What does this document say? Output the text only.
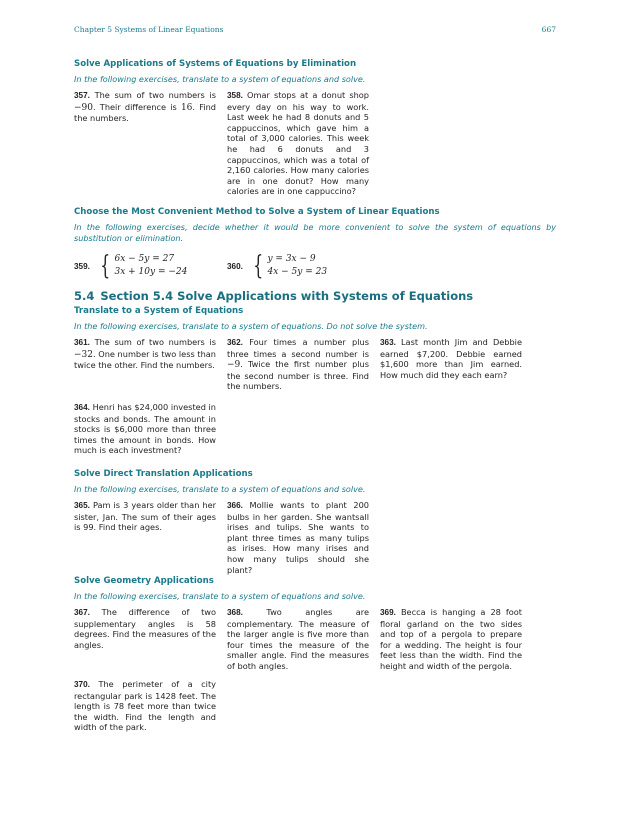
Chapter 5 Systems of Linear Equations	667

Solve Applications of Systems of Equations by Elimination

In the following exercises, translate to a system of equations and solve.

357. The sum of two numbers is −90. Their difference is 16. Find the numbers.
358. Omar stops at a donut shop every day on his way to work. Last week he had 8 donuts and 5 cappuccinos, which gave him a total of 3,000 calories. This week he had 6 donuts and 3 cappuccinos, which was a total of 2,160 calories. How many calories are in one donut? How many calories are in one cappuccino?

Choose the Most Convenient Method to Solve a System of Linear Equations

In the following exercises, decide whether it would be more convenient to solve the system of equations by substitution or elimination.

359. { 6x − 5y = 27
3x + 10y = −24
360. { y = 3x − 9
4x − 5y = 23

5.4 Section 5.4 Solve Applications with Systems of Equations

Translate to a System of Equations

In the following exercises, translate to a system of equations. Do not solve the system.

361. The sum of two numbers is −32. One number is two less than twice the other. Find the numbers.
362. Four times a number plus three times a second number is −9. Twice the first number plus the second number is three. Find the numbers.
363. Last month Jim and Debbie earned $7,200. Debbie earned $1,600 more than Jim earned. How much did they each earn?
364. Henri has $24,000 invested in stocks and bonds. The amount in stocks is $6,000 more than three times the amount in bonds. How much is each investment?

Solve Direct Translation Applications

In the following exercises, translate to a system of equations and solve.

365. Pam is 3 years older than her sister, Jan. The sum of their ages is 99. Find their ages.
366. Mollie wants to plant 200 bulbs in her garden. She wantsall irises and tulips. She wants to plant three times as many tulips as irises. How many irises and how many tulips should she plant?

Solve Geometry Applications

In the following exercises, translate to a system of equations and solve.

367. The difference of two supplementary angles is 58 degrees. Find the measures of the angles.
368. Two angles are complementary. The measure of the larger angle is five more than four times the measure of the smaller angle. Find the measures of both angles.
369. Becca is hanging a 28 foot floral garland on the two sides and top of a pergola to prepare for a wedding. The height is four feet less than the width. Find the height and width of the pergola.
370. The perimeter of a city rectangular park is 1428 feet. The length is 78 feet more than twice the width. Find the length and width of the park.
